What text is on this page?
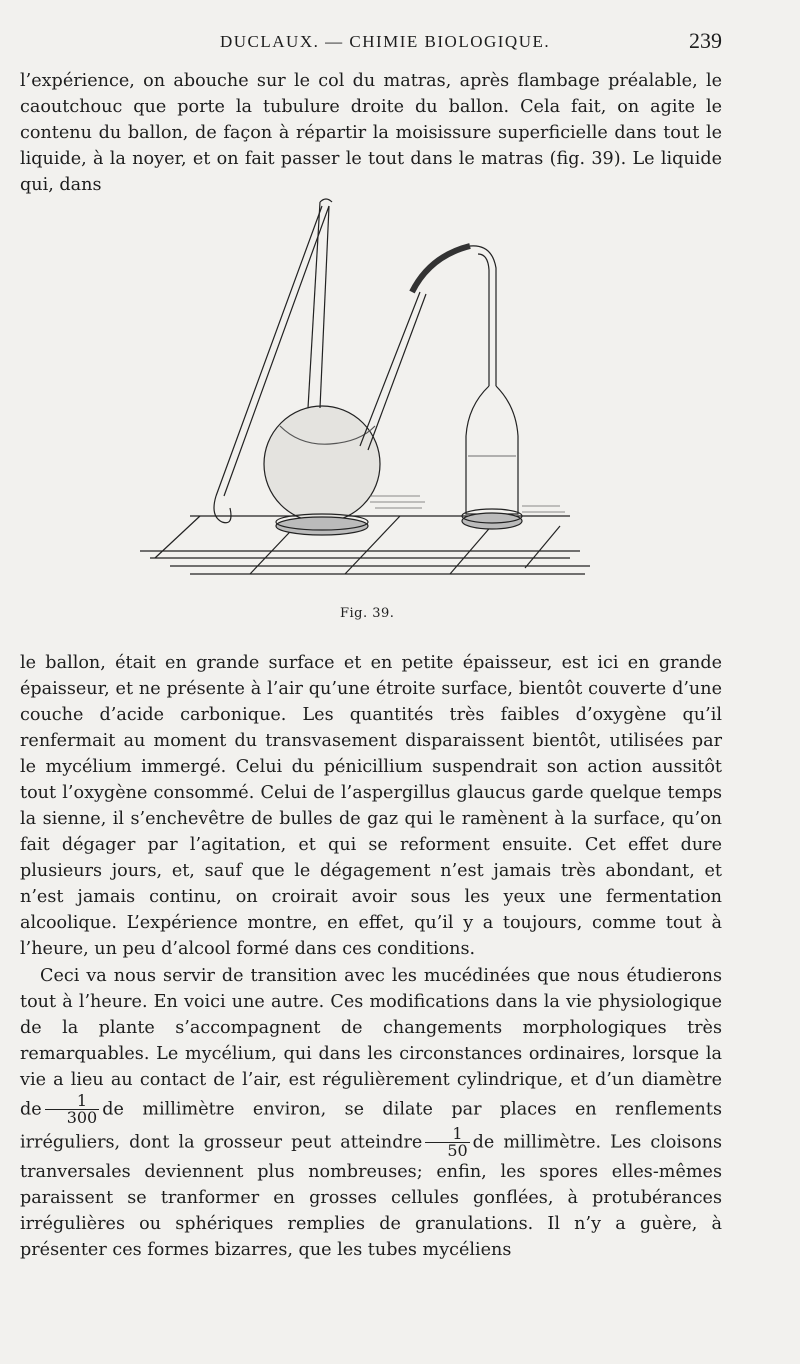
DUCLAUX. — CHIMIE BIOLOGIQUE.	239

l’expérience, on abouche sur le col du matras, après flambage préalable, le caoutchouc que porte la tubulure droite du ballon. Cela fait, on agite le contenu du ballon, de façon à répartir la moisissure superficielle dans tout le liquide, à la noyer, et on fait passer le tout dans le matras (fig. 39). Le liquide qui, dans

Fig. 39.

le ballon, était en grande surface et en petite épaisseur, est ici en grande épaisseur, et ne présente à l’air qu’une étroite surface, bientôt couverte d’une couche d’acide carbonique. Les quantités très faibles d’oxygène qu’il renfermait au moment du transvasement disparaissent bientôt, utilisées par le mycélium immergé. Celui du pénicillium suspendrait son action aussitôt tout l’oxygène consommé. Celui de l’aspergillus glaucus garde quelque temps la sienne, il s’enchevêtre de bulles de gaz qui le ramènent à la surface, qu’on fait dégager par l’agitation, et qui se reforment ensuite. Cet effet dure plusieurs jours, et, sauf que le dégagement n’est jamais très abondant, et n’est jamais continu, on croirait avoir sous les yeux une fermentation alcoolique. L’expérience montre, en effet, qu’il y a toujours, comme tout à l’heure, un peu d’alcool formé dans ces conditions.

Ceci va nous servir de transition avec les mucédinées que nous étudierons tout à l’heure. En voici une autre. Ces modifications dans la vie physiologique de la plante s’accompagnent de changements morphologiques très remarquables. Le mycélium, qui dans les circonstances ordinaires, lorsque la vie a lieu au contact de l’air, est régulièrement cylindrique, et d’un diamètre de $\frac{1}{300}$ de millimètre environ, se dilate par places en renflements irréguliers, dont la grosseur peut atteindre $\frac{1}{50}$ de millimètre. Les cloisons tranversales deviennent plus nombreuses; enfin, les spores elles-mêmes paraissent se tranformer en grosses cellules gonflées, à protubérances irrégulières ou sphériques remplies de granulations. Il n’y a guère, à présenter ces formes bizarres, que les tubes mycéliens
